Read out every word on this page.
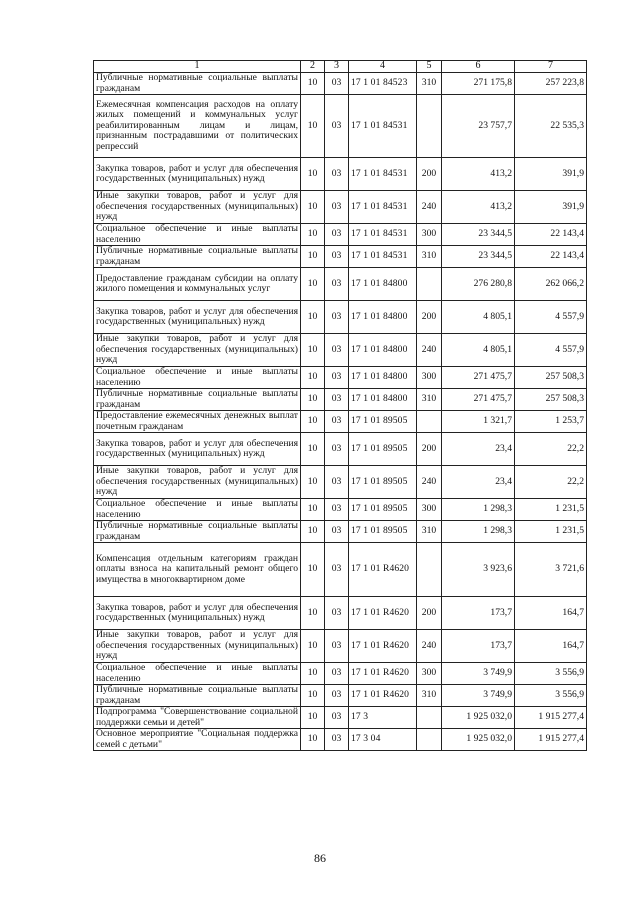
1	2	3	4	5	6	7
Публичные нормативные социальные выплаты гражданам	10	03	17 1 01 84523	310	271 175,8	257 223,8
Ежемесячная компенсация расходов на оплату жилых помещений и коммунальных услуг реабилитированным лицам и лицам, признанным пострадавшими от политических репрессий	10	03	17 1 01 84531		23 757,7	22 535,3
Закупка товаров, работ и услуг для обеспечения государственных (муниципальных) нужд	10	03	17 1 01 84531	200	413,2	391,9
Иные закупки товаров, работ и услуг для обеспечения государственных (муниципальных) нужд	10	03	17 1 01 84531	240	413,2	391,9
Социальное обеспечение и иные выплаты населению	10	03	17 1 01 84531	300	23 344,5	22 143,4
Публичные нормативные социальные выплаты гражданам	10	03	17 1 01 84531	310	23 344,5	22 143,4
Предоставление гражданам субсидии на оплату жилого помещения и коммунальных услуг	10	03	17 1 01 84800		276 280,8	262 066,2
Закупка товаров, работ и услуг для обеспечения государственных (муниципальных) нужд	10	03	17 1 01 84800	200	4 805,1	4 557,9
Иные закупки товаров, работ и услуг для обеспечения государственных (муниципальных) нужд	10	03	17 1 01 84800	240	4 805,1	4 557,9
Социальное обеспечение и иные выплаты населению	10	03	17 1 01 84800	300	271 475,7	257 508,3
Публичные нормативные социальные выплаты гражданам	10	03	17 1 01 84800	310	271 475,7	257 508,3
Предоставление ежемесячных денежных выплат почетным гражданам	10	03	17 1 01 89505		1 321,7	1 253,7
Закупка товаров, работ и услуг для обеспечения государственных (муниципальных) нужд	10	03	17 1 01 89505	200	23,4	22,2
Иные закупки товаров, работ и услуг для обеспечения государственных (муниципальных) нужд	10	03	17 1 01 89505	240	23,4	22,2
Социальное обеспечение и иные выплаты населению	10	03	17 1 01 89505	300	1 298,3	1 231,5
Публичные нормативные социальные выплаты гражданам	10	03	17 1 01 89505	310	1 298,3	1 231,5
Компенсация отдельным категориям граждан оплаты взноса на капитальный ремонт общего имущества в многоквартирном доме	10	03	17 1 01 R4620		3 923,6	3 721,6
Закупка товаров, работ и услуг для обеспечения государственных (муниципальных) нужд	10	03	17 1 01 R4620	200	173,7	164,7
Иные закупки товаров, работ и услуг для обеспечения государственных (муниципальных) нужд	10	03	17 1 01 R4620	240	173,7	164,7
Социальное обеспечение и иные выплаты населению	10	03	17 1 01 R4620	300	3 749,9	3 556,9
Публичные нормативные социальные выплаты гражданам	10	03	17 1 01 R4620	310	3 749,9	3 556,9
Подпрограмма "Совершенствование социальной поддержки семьи и детей"	10	03	17 3		1 925 032,0	1 915 277,4
Основное мероприятие "Социальная поддержка семей с детьми"	10	03	17 3 04		1 925 032,0	1 915 277,4
86
